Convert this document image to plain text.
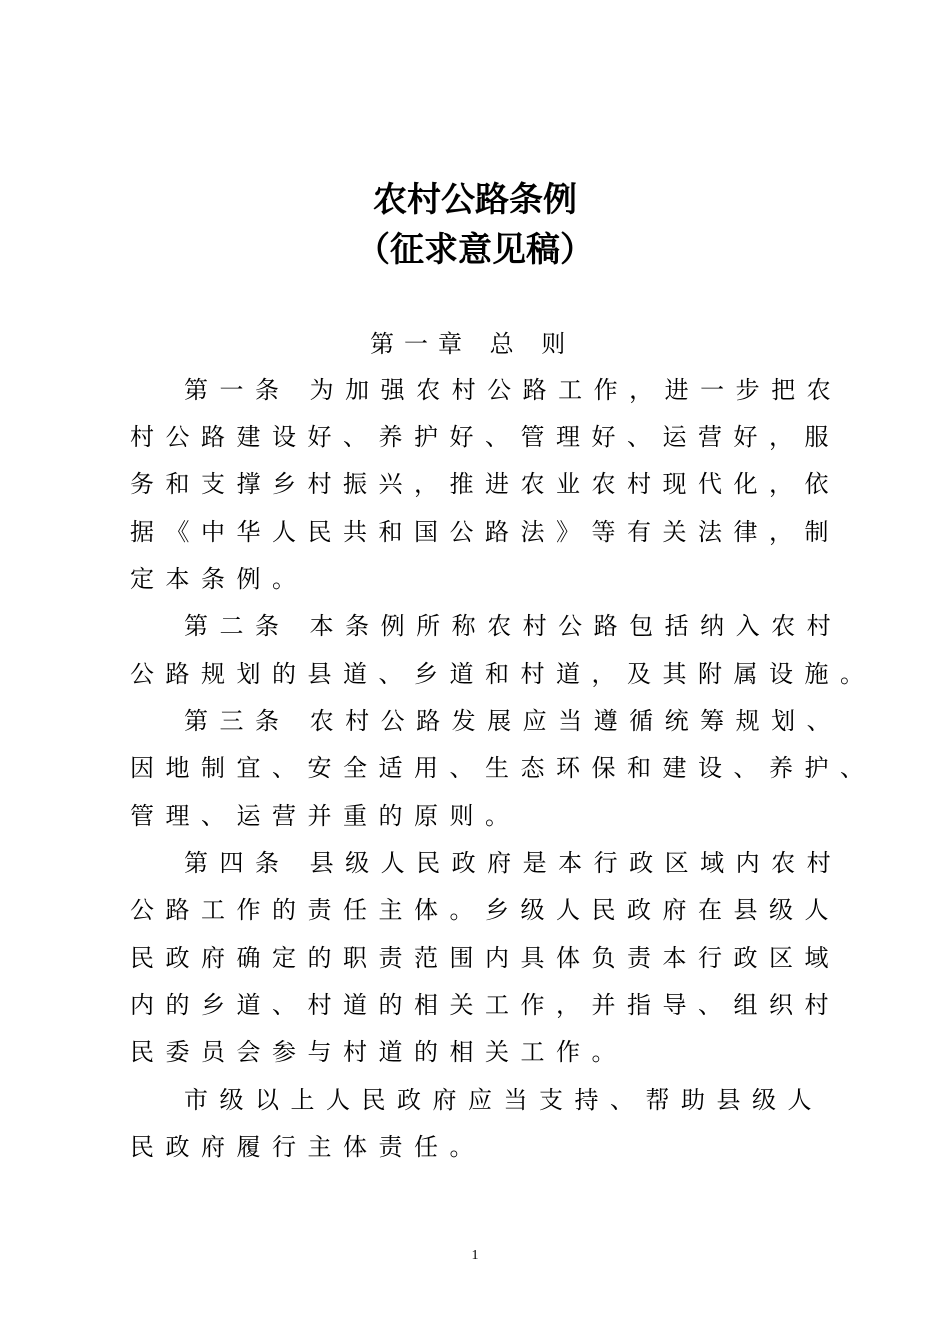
农村公路条例
（征求意见稿）
第一章 总 则
第一条 为加强农村公路工作，进一步把农
村公路建设好、养护好、管理好、运营好，服
务和支撑乡村振兴，推进农业农村现代化，依
据《中华人民共和国公路法》等有关法律，制
定本条例。
第二条 本条例所称农村公路包括纳入农村
公路规划的县道、乡道和村道，及其附属设施。
第三条 农村公路发展应当遵循统筹规划、
因地制宜、安全适用、生态环保和建设、养护、
管理、运营并重的原则。
第四条 县级人民政府是本行政区域内农村
公路工作的责任主体。乡级人民政府在县级人
民政府确定的职责范围内具体负责本行政区域
内的乡道、村道的相关工作，并指导、组织村
民委员会参与村道的相关工作。
市级以上人民政府应当支持、帮助县级人
民政府履行主体责任。
1
